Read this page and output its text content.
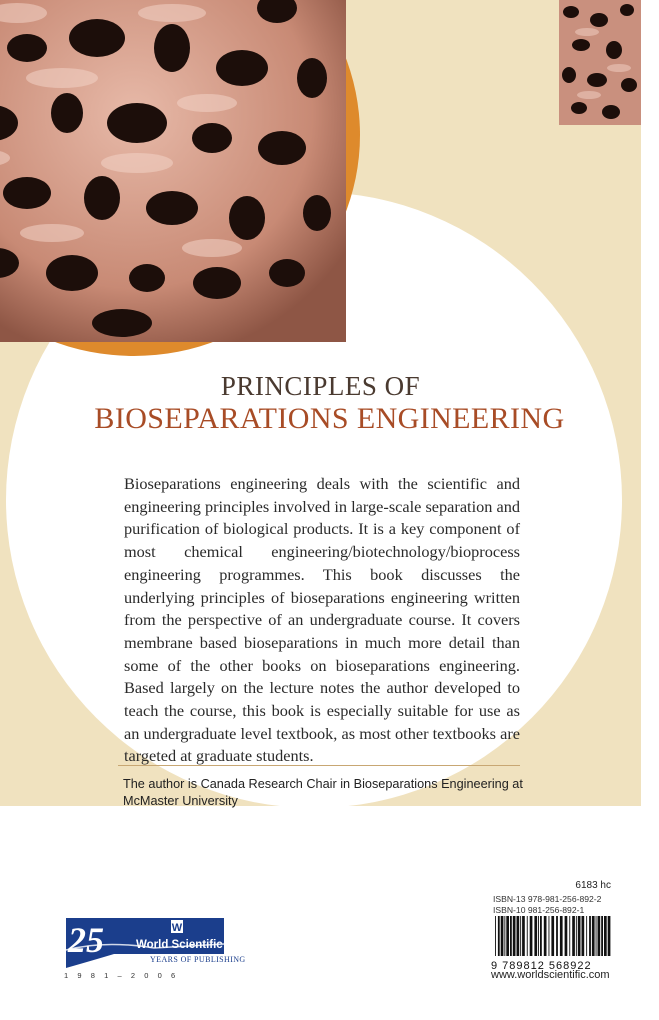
PRINCIPLES OF
BIOSEPARATIONS ENGINEERING

Bioseparations engineering deals with the scientific and engineering principles involved in large-scale separation and purification of biological products. It is a key component of most chemical engineering/biotechnology/bioprocess engineering programmes. This book discusses the underlying principles of bioseparations engineering written from the perspective of an undergraduate course. It covers membrane based bioseparations in much more detail than some of the other books on bioseparations engineering. Based largely on the lecture notes the author developed to teach the course, this book is especially suitable for use as an undergraduate level textbook, as most other textbooks are targeted at graduate students.

The author is Canada Research Chair in Bioseparations Engineering at McMaster University

6183 hc
ISBN-13 978-981-256-892-2
ISBN-10 981-256-892-1
9 789812 568922
www.worldscientific.com
W
25	World Scientific
YEARS OF PUBLISHING
1981–2006
